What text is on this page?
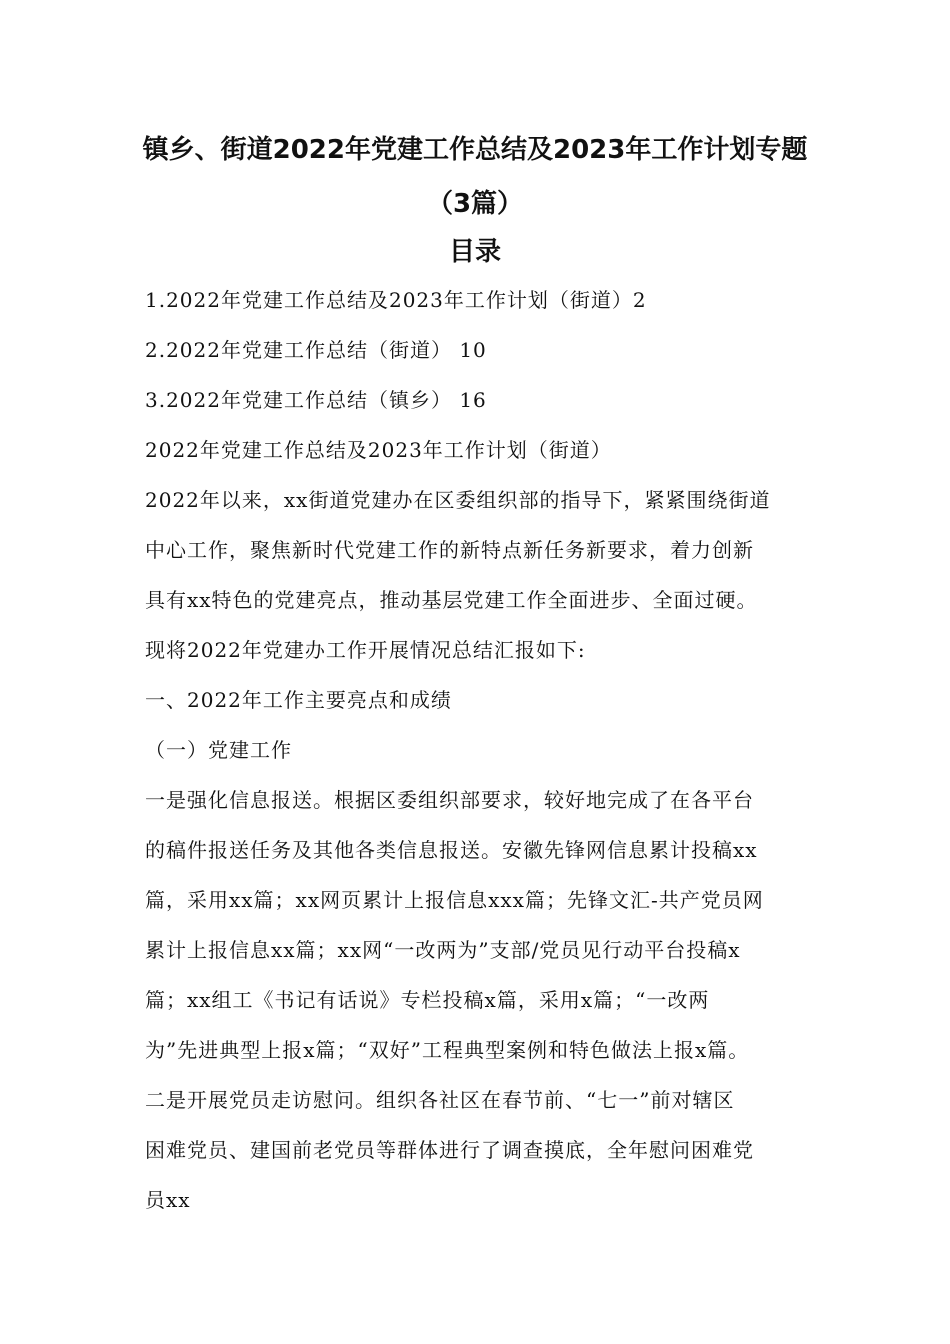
镇乡、街道2022年党建工作总结及2023年工作计划专题
（3篇）
目录
1.2022年党建工作总结及2023年工作计划（街道）2
2.2022年党建工作总结（街道） 10
3.2022年党建工作总结（镇乡） 16
2022年党建工作总结及2023年工作计划（街道）
2022年以来，xx街道党建办在区委组织部的指导下，紧紧围绕街道
中心工作，聚焦新时代党建工作的新特点新任务新要求，着力创新
具有xx特色的党建亮点，推动基层党建工作全面进步、全面过硬。
现将2022年党建办工作开展情况总结汇报如下:
一、2022年工作主要亮点和成绩
（一）党建工作
一是强化信息报送。根据区委组织部要求，较好地完成了在各平台
的稿件报送任务及其他各类信息报送。安徽先锋网信息累计投稿xx
篇，采用xx篇；xx网页累计上报信息xxx篇；先锋文汇-共产党员网
累计上报信息xx篇；xx网“一改两为”支部/党员见行动平台投稿x
篇；xx组工《书记有话说》专栏投稿x篇，采用x篇；“一改两
为”先进典型上报x篇；“双好”工程典型案例和特色做法上报x篇。
二是开展党员走访慰问。组织各社区在春节前、“七一”前对辖区
困难党员、建国前老党员等群体进行了调查摸底，全年慰问困难党
员xx
